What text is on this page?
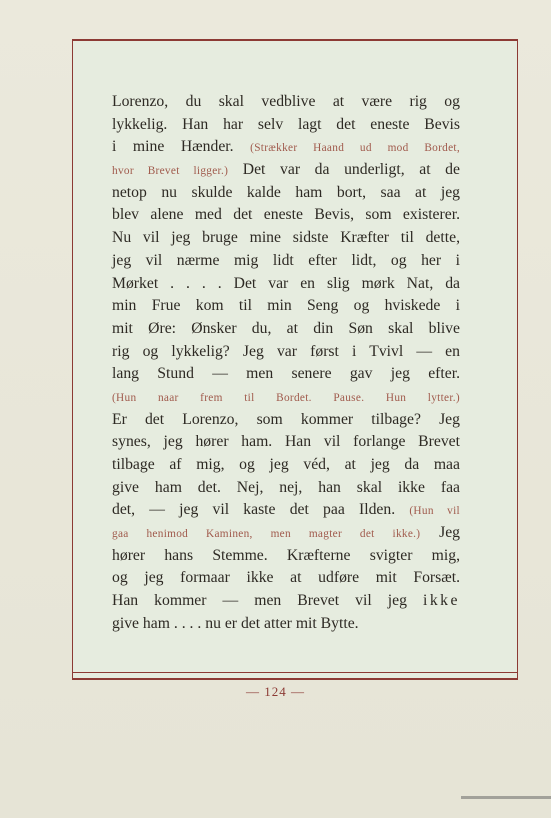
Lorenzo, du skal vedblive at være rig og
lykkelig. Han har selv lagt det eneste Bevis
i mine Hænder. (Strækker Haand ud mod Bordet,
hvor Brevet ligger.) Det var da underligt, at de
netop nu skulde kalde ham bort, saa at jeg
blev alene med det eneste Bevis, som existerer.
Nu vil jeg bruge mine sidste Kræfter til dette,
jeg vil nærme mig lidt efter lidt, og her i
Mørket . . . . Det var en slig mørk Nat, da
min Frue kom til min Seng og hviskede i
mit Øre: Ønsker du, at din Søn skal blive
rig og lykkelig? Jeg var først i Tvivl — en
lang Stund — men senere gav jeg efter.
(Hun naar frem til Bordet. Pause. Hun lytter.)
Er det Lorenzo, som kommer tilbage? Jeg
synes, jeg hører ham. Han vil forlange Brevet
tilbage af mig, og jeg véd, at jeg da maa
give ham det. Nej, nej, han skal ikke faa
det, — jeg vil kaste det paa Ilden. (Hun vil
gaa henimod Kaminen, men magter det ikke.) Jeg
hører hans Stemme. Kræfterne svigter mig,
og jeg formaar ikke at udføre mit Forsæt.
Han kommer — men Brevet vil jeg ikke
give ham . . . . nu er det atter mit Bytte.
— 124 —
